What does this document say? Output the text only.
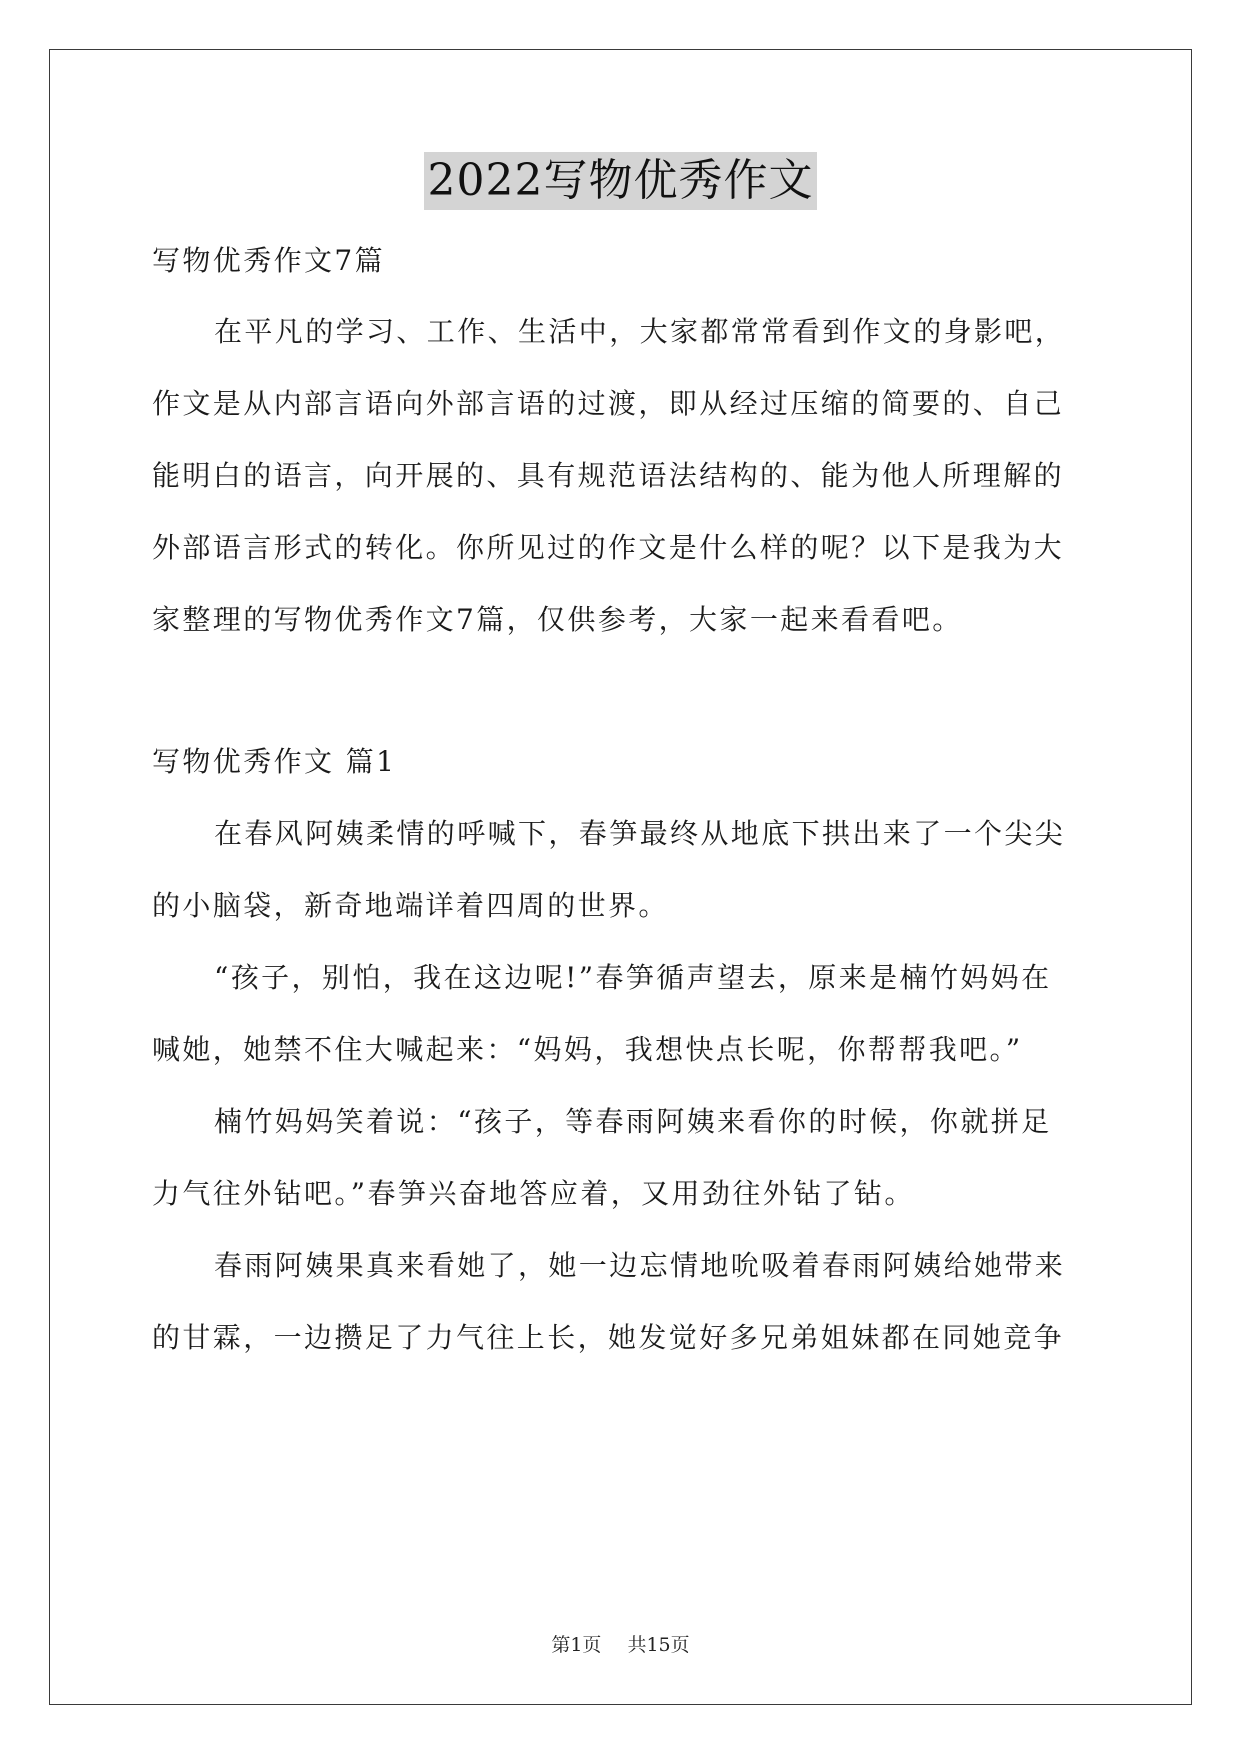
2022写物优秀作文
写物优秀作文7篇
在平凡的学习、工作、生活中，大家都常常看到作文的身影吧，
作文是从内部言语向外部言语的过渡，即从经过压缩的简要的、自己
能明白的语言，向开展的、具有规范语法结构的、能为他人所理解的
外部语言形式的转化。你所见过的作文是什么样的呢？以下是我为大
家整理的写物优秀作文7篇，仅供参考，大家一起来看看吧。
写物优秀作文 篇1
在春风阿姨柔情的呼喊下，春笋最终从地底下拱出来了一个尖尖
的小脑袋，新奇地端详着四周的世界。
“孩子，别怕，我在这边呢!”春笋循声望去，原来是楠竹妈妈在
喊她，她禁不住大喊起来：“妈妈，我想快点长呢，你帮帮我吧。”
楠竹妈妈笑着说：“孩子，等春雨阿姨来看你的时候，你就拼足
力气往外钻吧。”春笋兴奋地答应着，又用劲往外钻了钻。
春雨阿姨果真来看她了，她一边忘情地吮吸着春雨阿姨给她带来
的甘霖，一边攒足了力气往上长，她发觉好多兄弟姐妹都在同她竞争
第1页 共15页
